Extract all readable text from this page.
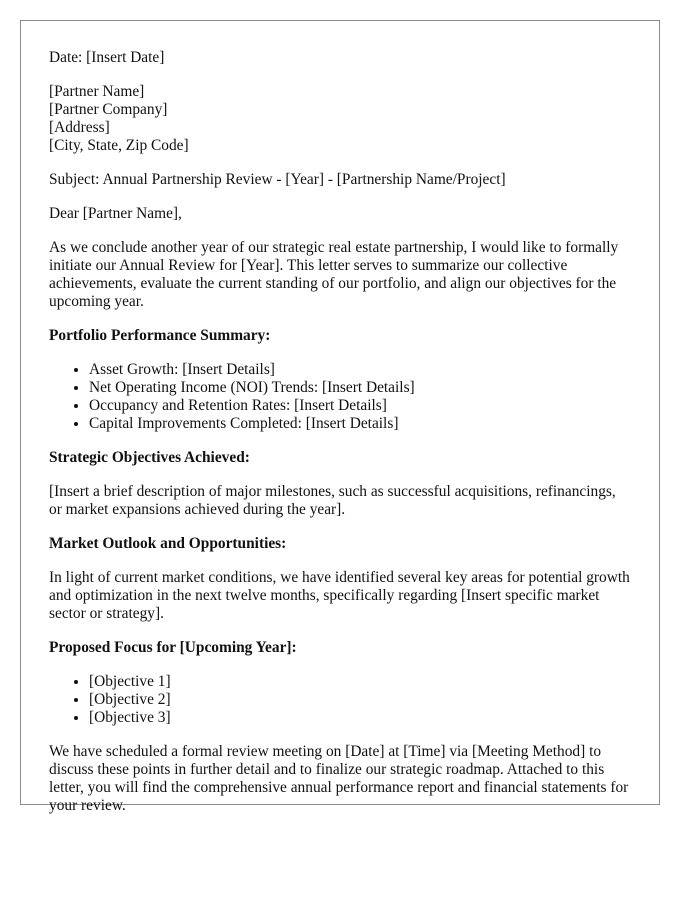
Date: [Insert Date]

[Partner Name]
[Partner Company]
[Address]
[City, State, Zip Code]

Subject: Annual Partnership Review - [Year] - [Partnership Name/Project]

Dear [Partner Name],

As we conclude another year of our strategic real estate partnership, I would like to formally initiate our Annual Review for [Year]. This letter serves to summarize our collective achievements, evaluate the current standing of our portfolio, and align our objectives for the upcoming year.

Portfolio Performance Summary:

• Asset Growth: [Insert Details]
• Net Operating Income (NOI) Trends: [Insert Details]
• Occupancy and Retention Rates: [Insert Details]
• Capital Improvements Completed: [Insert Details]

Strategic Objectives Achieved:

[Insert a brief description of major milestones, such as successful acquisitions, refinancings, or market expansions achieved during the year].

Market Outlook and Opportunities:

In light of current market conditions, we have identified several key areas for potential growth and optimization in the next twelve months, specifically regarding [Insert specific market sector or strategy].

Proposed Focus for [Upcoming Year]:

• [Objective 1]
• [Objective 2]
• [Objective 3]

We have scheduled a formal review meeting on [Date] at [Time] via [Meeting Method] to discuss these points in further detail and to finalize our strategic roadmap. Attached to this letter, you will find the comprehensive annual performance report and financial statements for your review.
